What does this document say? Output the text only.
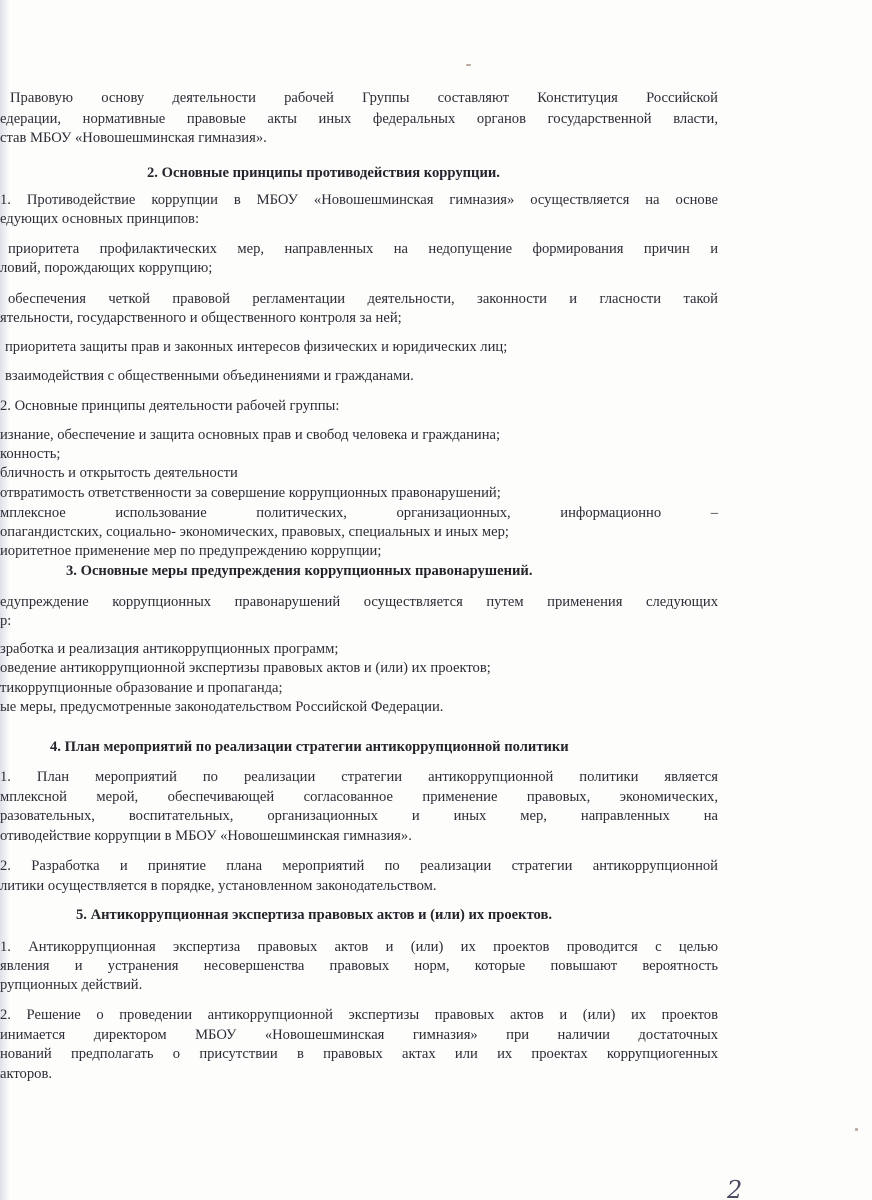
Правовую основу деятельности рабочей Группы составляют Конституция Российской

едерации, нормативные правовые акты иных федеральных органов государственной власти,

став МБОУ «Новошешминская гимназия».

2. Основные принципы противодействия коррупции.

1. Противодействие коррупции в МБОУ «Новошешминская гимназия» осуществляется на основе

едующих основных принципов:

приоритета профилактических мер, направленных на недопущение формирования причин и

ловий, порождающих коррупцию;

обеспечения четкой правовой регламентации деятельности, законности и гласности такой

ятельности, государственного и общественного контроля за ней;

приоритета защиты прав и законных интересов физических и юридических лиц;

взаимодействия с общественными объединениями и гражданами.

2. Основные принципы деятельности рабочей группы:

изнание, обеспечение и защита основных прав и свобод человека и гражданина;

конность;

бличность и открытость деятельности

отвратимость ответственности за совершение коррупционных правонарушений;

мплексное использование политических, организационных, информационно –

опагандистских, социально- экономических, правовых, специальных и иных мер;

иоритетное применение мер по предупреждению коррупции;

3. Основные меры предупреждения коррупционных правонарушений.

едупреждение коррупционных правонарушений осуществляется путем применения следующих

р:

зработка и реализация антикоррупционных программ;

оведение антикоррупционной экспертизы правовых актов и (или) их проектов;

тикоррупционные образование и пропаганда;

ые меры, предусмотренные законодательством Российской Федерации.

4. План мероприятий по реализации стратегии антикоррупционной политики

1. План мероприятий по реализации стратегии антикоррупционной политики является

мплексной мерой, обеспечивающей согласованное применение правовых, экономических,

разовательных, воспитательных, организационных и иных мер, направленных на

отиводействие коррупции в МБОУ «Новошешминская гимназия».

2. Разработка и принятие плана мероприятий по реализации стратегии антикоррупционной

литики осуществляется в порядке, установленном законодательством.

5. Антикоррупционная экспертиза правовых актов и (или) их проектов.

1. Антикоррупционная экспертиза правовых актов и (или) их проектов проводится с целью

явления и устранения несовершенства правовых норм, которые повышают вероятность

рупционных действий.

2. Решение о проведении антикоррупционной экспертизы правовых актов и (или) их проектов

инимается директором МБОУ «Новошешминская гимназия» при наличии достаточных

нований предполагать о присутствии в правовых актах или их проектах коррупциогенных

акторов.

2
